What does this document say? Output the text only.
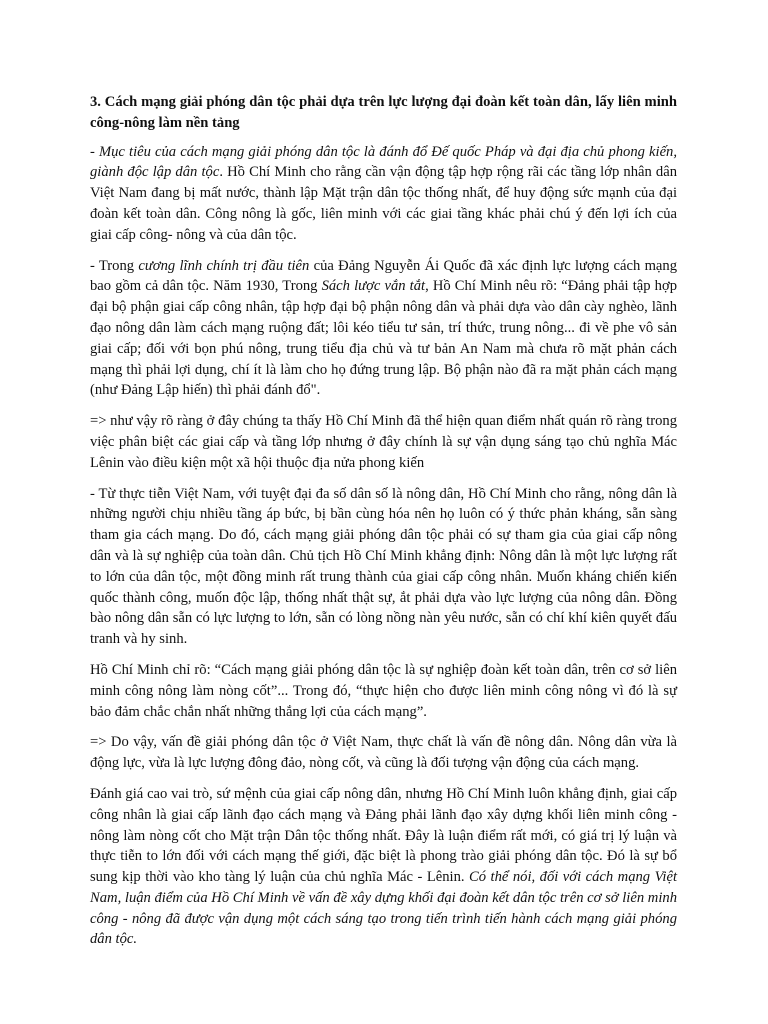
3. Cách mạng giải phóng dân tộc phải dựa trên lực lượng đại đoàn kết toàn dân, lấy liên minh công-nông làm nền tảng

- Mục tiêu của cách mạng giải phóng dân tộc là đánh đổ Đế quốc Pháp và đại địa chủ phong kiến, giành độc lập dân tộc. Hồ Chí Minh cho rằng cần vận động tập hợp rộng rãi các tầng lớp nhân dân Việt Nam đang bị mất nước, thành lập Mặt trận dân tộc thống nhất, để huy động sức mạnh của đại đoàn kết toàn dân. Công nông là gốc, liên minh với các giai tầng khác phải chú ý đến lợi ích của giai cấp công- nông và của dân tộc.

- Trong cương lĩnh chính trị đầu tiên của Đảng Nguyễn Ái Quốc đã xác định lực lượng cách mạng bao gồm cả dân tộc. Năm 1930, Trong Sách lược vắn tắt, Hồ Chí Minh nêu rõ: “Đảng phải tập hợp đại bộ phận giai cấp công nhân, tập hợp đại bộ phận nông dân và phải dựa vào dân cày nghèo, lãnh đạo nông dân làm cách mạng ruộng đất; lôi kéo tiểu tư sản, trí thức, trung nông... đi về phe vô sản giai cấp; đối với bọn phú nông, trung tiểu địa chủ và tư bản An Nam mà chưa rõ mặt phản cách mạng thì phải lợi dụng, chí ít là làm cho họ đứng trung lập. Bộ phận nào đã ra mặt phản cách mạng (như Đảng Lập hiến) thì phải đánh đổ".

=> như vậy rõ ràng ở đây chúng ta thấy Hồ Chí Minh đã thể hiện quan điểm nhất quán rõ ràng trong việc phân biệt các giai cấp và tầng lớp nhưng ở đây chính là sự vận dụng sáng tạo chủ nghĩa Mác Lênin vào điều kiện một xã hội thuộc địa nửa phong kiến

- Từ thực tiễn Việt Nam, với tuyệt đại đa số dân số là nông dân, Hồ Chí Minh cho rằng, nông dân là những người chịu nhiều tầng áp bức, bị bần cùng hóa nên họ luôn có ý thức phản kháng, sẵn sàng tham gia cách mạng. Do đó, cách mạng giải phóng dân tộc phải có sự tham gia của giai cấp nông dân và là sự nghiệp của toàn dân. Chủ tịch Hồ Chí Minh khẳng định: Nông dân là một lực lượng rất to lớn của dân tộc, một đồng minh rất trung thành của giai cấp công nhân. Muốn kháng chiến kiến quốc thành công, muốn độc lập, thống nhất thật sự, ắt phải dựa vào lực lượng của nông dân. Đồng bào nông dân sẵn có lực lượng to lớn, sẵn có lòng nồng nàn yêu nước, sẵn có chí khí kiên quyết đấu tranh và hy sinh.

Hồ Chí Minh chỉ rõ: “Cách mạng giải phóng dân tộc là sự nghiệp đoàn kết toàn dân, trên cơ sở liên minh công nông làm nòng cốt”... Trong đó, “thực hiện cho được liên minh công nông vì đó là sự bảo đảm chắc chắn nhất những thắng lợi của cách mạng”.

=> Do vậy, vấn đề giải phóng dân tộc ở Việt Nam, thực chất là vấn đề nông dân. Nông dân vừa là động lực, vừa là lực lượng đông đảo, nòng cốt, và cũng là đối tượng vận động của cách mạng.

Đánh giá cao vai trò, sứ mệnh của giai cấp nông dân, nhưng Hồ Chí Minh luôn khẳng định, giai cấp công nhân là giai cấp lãnh đạo cách mạng và Đảng phải lãnh đạo xây dựng khối liên minh công - nông làm nòng cốt cho Mặt trận Dân tộc thống nhất. Đây là luận điểm rất mới, có giá trị lý luận và thực tiễn to lớn đối với cách mạng thế giới, đặc biệt là phong trào giải phóng dân tộc. Đó là sự bổ sung kịp thời vào kho tàng lý luận của chủ nghĩa Mác - Lênin. Có thể nói, đối với cách mạng Việt Nam, luận điểm của Hồ Chí Minh về vấn đề xây dựng khối đại đoàn kết dân tộc trên cơ sở liên minh công - nông đã được vận dụng một cách sáng tạo trong tiến trình tiến hành cách mạng giải phóng dân tộc.
